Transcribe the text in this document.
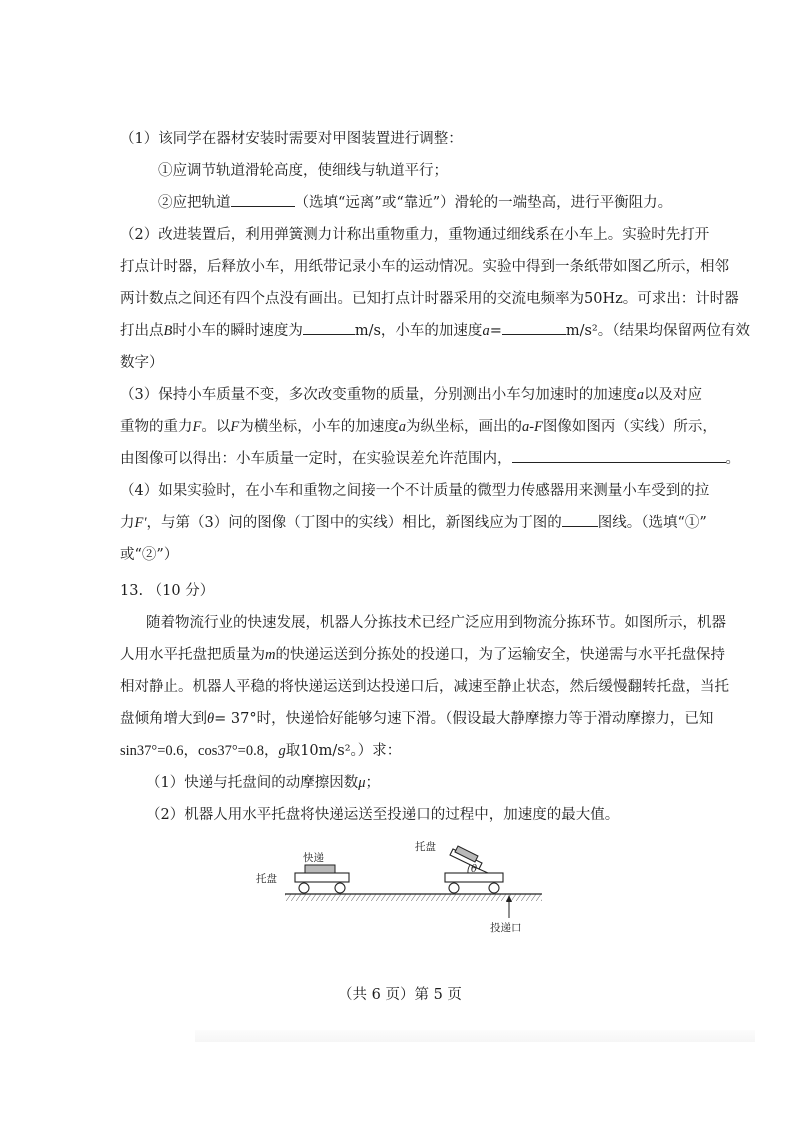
（1）该同学在器材安装时需要对甲图装置进行调整：
①应调节轨道滑轮高度，使细线与轨道平行；
②应把轨道	（选填“远离”或“靠近”）滑轮的一端垫高，进行平衡阻力。
（2）改进装置后，利用弹簧测力计称出重物重力，重物通过细线系在小车上。实验时先打开
打点计时器，后释放小车，用纸带记录小车的运动情况。实验中得到一条纸带如图乙所示，相邻
两计数点之间还有四个点没有画出。已知打点计时器采用的交流电频率为50Hz。可求出：计时器
打出点B时小车的瞬时速度为	m/s，小车的加速度a=	m/s²。（结果均保留两位有效
数字）
（3）保持小车质量不变，多次改变重物的质量，分别测出小车匀加速时的加速度a以及对应
重物的重力F。以F为横坐标，小车的加速度a为纵坐标，画出的a-F图像如图丙（实线）所示，
由图像可以得出：小车质量一定时，在实验误差允许范围内，	。
（4）如果实验时，在小车和重物之间接一个不计质量的微型力传感器用来测量小车受到的拉
力F′，与第（3）问的图像（丁图中的实线）相比，新图线应为丁图的 图线。（选填“①”
或“②”）
13. （10 分）
随着物流行业的快速发展，机器人分拣技术已经广泛应用到物流分拣环节。如图所示，机器
人用水平托盘把质量为m的快递运送到分拣处的投递口，为了运输安全，快递需与水平托盘保持
相对静止。机器人平稳的将快递运送到达投递口后，减速至静止状态，然后缓慢翻转托盘，当托
盘倾角增大到θ= 37°时，快递恰好能够匀速下滑。（假设最大静摩擦力等于滑动摩擦力，已知
sin37°=0.6，cos37°=0.8，g取10m/s²。）求：
（1）快递与托盘间的动摩擦因数μ；
（2）机器人用水平托盘将快递运送至投递口的过程中，加速度的最大值。
托盘
快递
托盘
θ
投递口
（共 6 页）第 5 页
